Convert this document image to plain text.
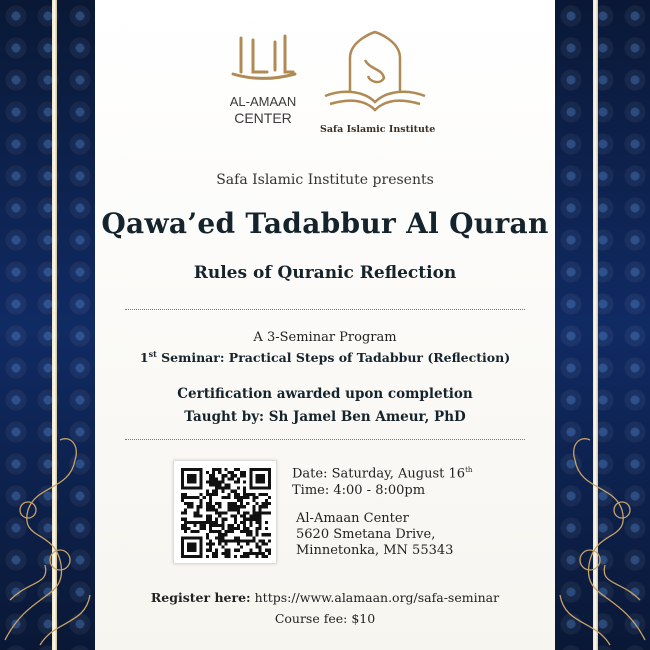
AL-AMAAN
CENTER
Safa Islamic Institute
Safa Islamic Institute presents
Qawa’ed Tadabbur Al Quran
Rules of Quranic Reflection
A 3-Seminar Program
1st Seminar: Practical Steps of Tadabbur (Reflection)
Certification awarded upon completion
Taught by: Sh Jamel Ben Ameur, PhD
Date: Saturday, August 16th
Time: 4:00 - 8:00pm
Al-Amaan Center
5620 Smetana Drive,
Minnetonka, MN 55343
Register here: https://www.alamaan.org/safa-seminar
Course fee: $10
